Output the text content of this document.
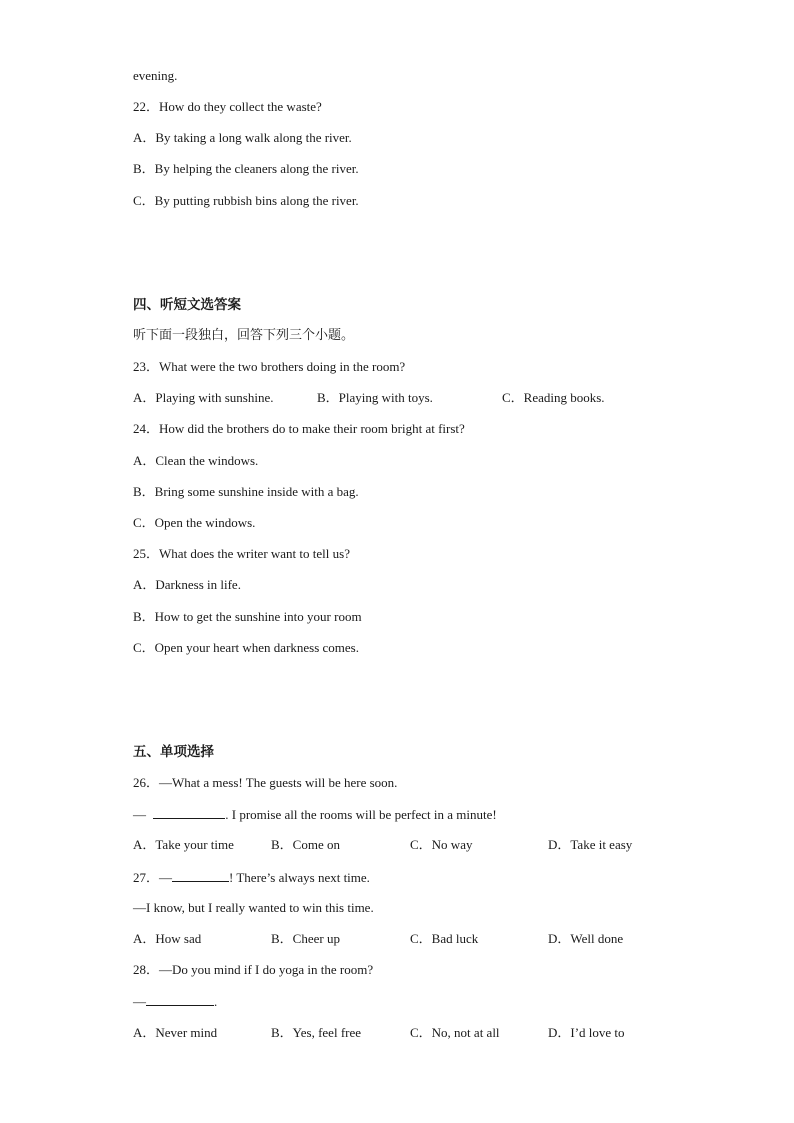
evening.
22．How do they collect the waste?
A．By taking a long walk along the river.
B．By helping the cleaners along the river.
C．By putting rubbish bins along the river.
四、听短文选答案
听下面一段独白，回答下列三个小题。
23．What were the two brothers doing in the room?
A．Playing with sunshine.	B．Playing with toys.	C．Reading books.
24．How did the brothers do to make their room bright at first?
A．Clean the windows.
B．Bring some sunshine inside with a bag.
C．Open the windows.
25．What does the writer want to tell us?
A．Darkness in life.
B．How to get the sunshine into your room
C．Open your heart when darkness comes.
五、单项选择
26．—What a mess! The guests will be here soon.
—	. I promise all the rooms will be perfect in a minute!
A．Take your time	B．Come on	C．No way	D．Take it easy
27．—	! There’s always next time.
—I know, but I really wanted to win this time.
A．How sad	B．Cheer up	C．Bad luck	D．Well done
28．—Do you mind if I do yoga in the room?
—	.
A．Never mind	B．Yes, feel free	C．No, not at all	D．I’d love to
